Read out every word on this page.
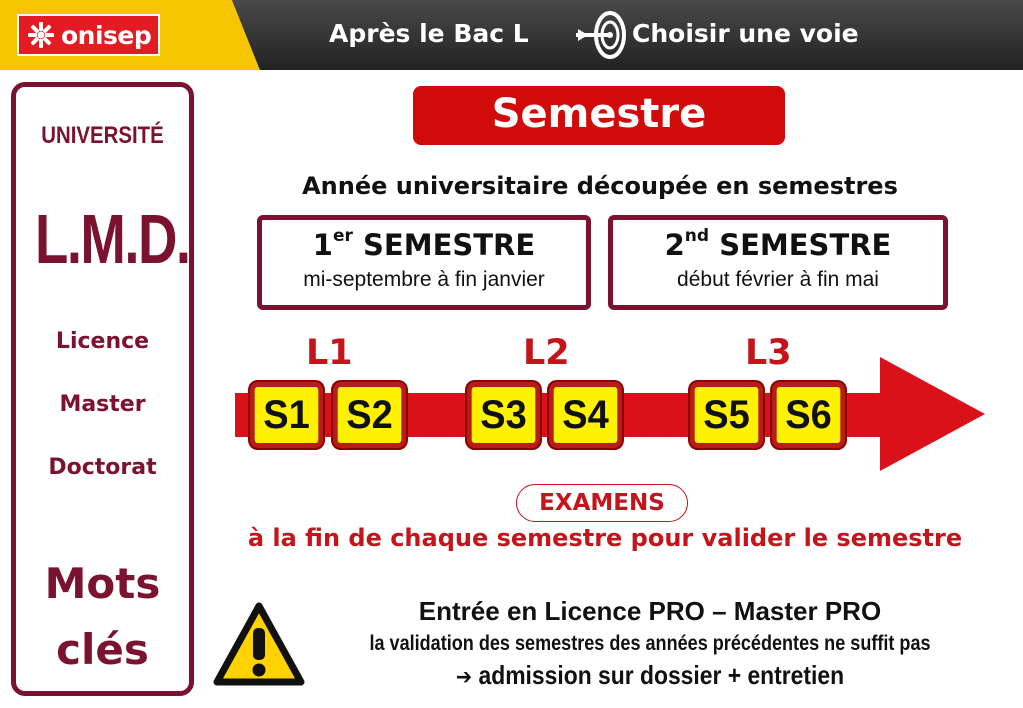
onisep	Après le Bac L	Choisir une voie
UNIVERSITÉ
L.M.D.
Licence
Master
Doctorat
Mots
clés
Semestre
Année universitaire découpée en semestres
1er SEMESTRE
mi-septembre à fin janvier
2nd SEMESTRE
début février à fin mai
L1	L2	L3
S1 S2	S3 S4	S5 S6
EXAMENS
à la fin de chaque semestre pour valider le semestre
Entrée en Licence PRO – Master PRO
la validation des semestres des années précédentes ne suffit pas
➔ admission sur dossier + entretien
